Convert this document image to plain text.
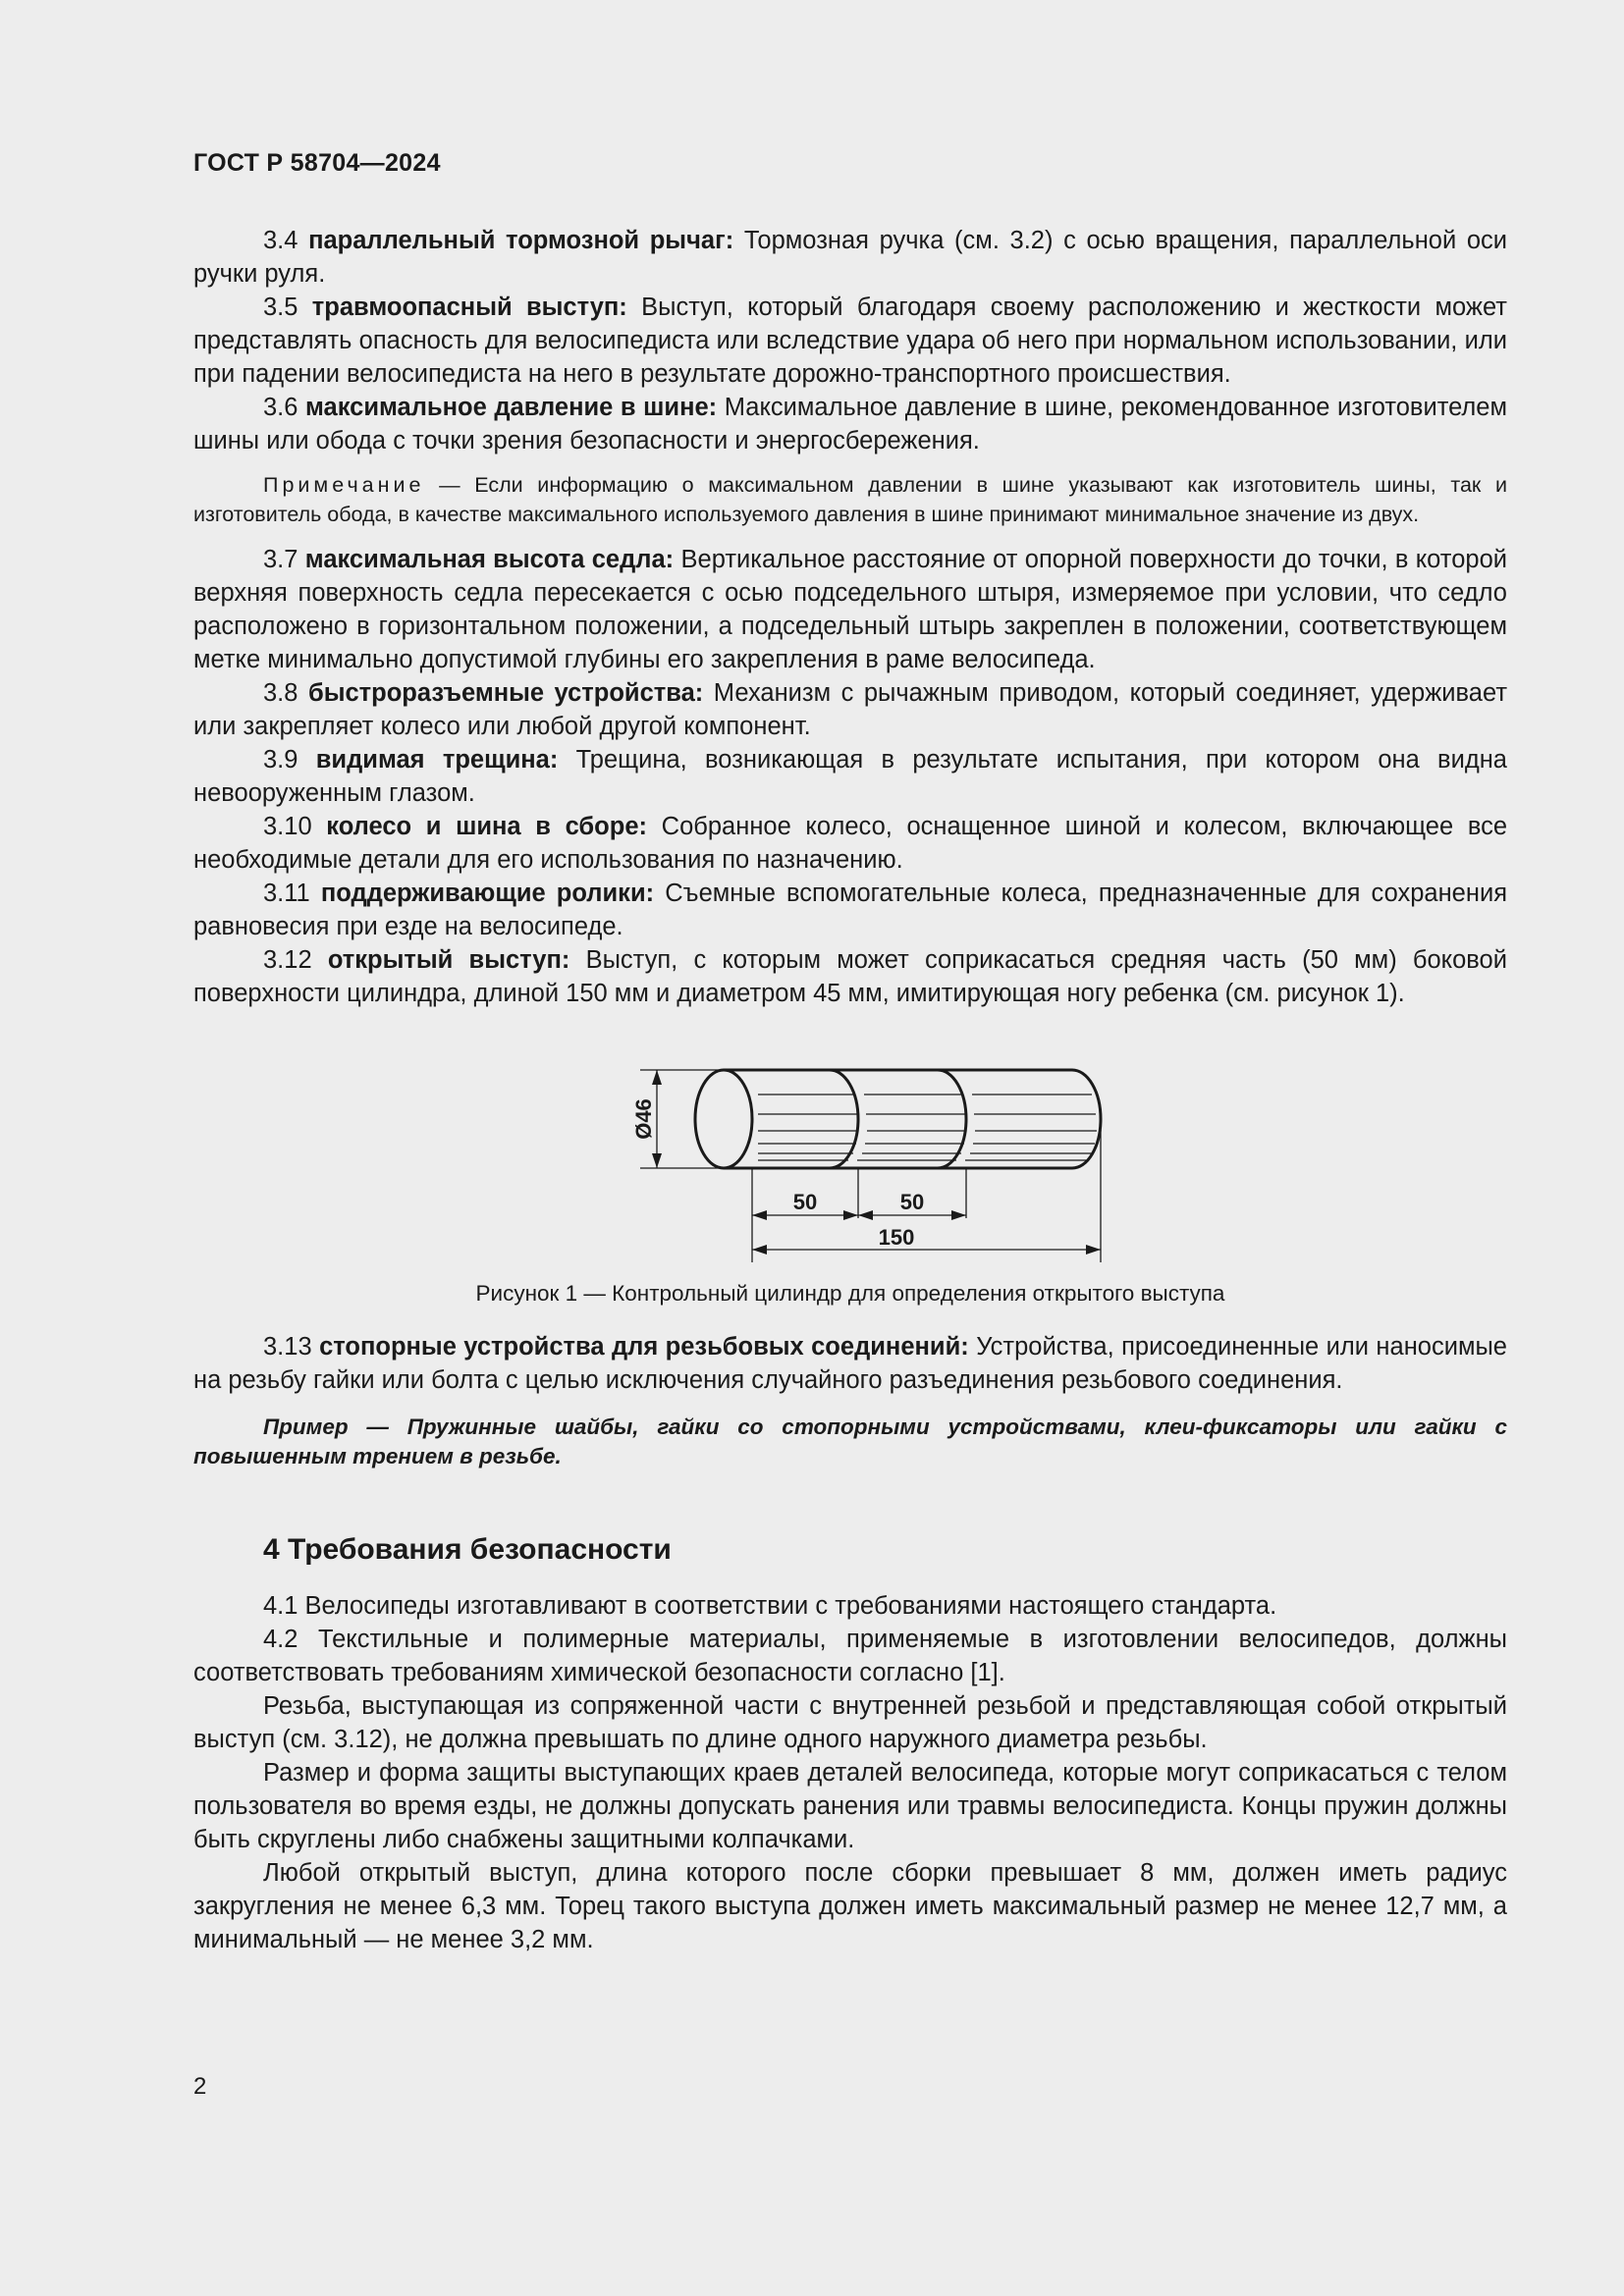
ГОСТ Р 58704—2024

3.4 параллельный тормозной рычаг: Тормозная ручка (см. 3.2) с осью вращения, параллельной оси ручки руля.

3.5 травмоопасный выступ: Выступ, который благодаря своему расположению и жесткости может представлять опасность для велосипедиста или вследствие удара об него при нормальном использовании, или при падении велосипедиста на него в результате дорожно-транспортного происшествия.

3.6 максимальное давление в шине: Максимальное давление в шине, рекомендованное изготовителем шины или обода с точки зрения безопасности и энергосбережения.

Примечание — Если информацию о максимальном давлении в шине указывают как изготовитель шины, так и изготовитель обода, в качестве максимального используемого давления в шине принимают минимальное значение из двух.

3.7 максимальная высота седла: Вертикальное расстояние от опорной поверхности до точки, в которой верхняя поверхность седла пересекается с осью подседельного штыря, измеряемое при условии, что седло расположено в горизонтальном положении, а подседельный штырь закреплен в положении, соответствующем метке минимально допустимой глубины его закрепления в раме велосипеда.

3.8 быстроразъемные устройства: Механизм с рычажным приводом, который соединяет, удерживает или закрепляет колесо или любой другой компонент.

3.9 видимая трещина: Трещина, возникающая в результате испытания, при котором она видна невооруженным глазом.

3.10 колесо и шина в сборе: Собранное колесо, оснащенное шиной и колесом, включающее все необходимые детали для его использования по назначению.

3.11 поддерживающие ролики: Съемные вспомогательные колеса, предназначенные для сохранения равновесия при езде на велосипеде.

3.12 открытый выступ: Выступ, с которым может соприкасаться средняя часть (50 мм) боковой поверхности цилиндра, длиной 150 мм и диаметром 45 мм, имитирующая ногу ребенка (см. рисунок 1).

Ø46
50	50
150

Рисунок 1 — Контрольный цилиндр для определения открытого выступа

3.13 стопорные устройства для резьбовых соединений: Устройства, присоединенные или наносимые на резьбу гайки или болта с целью исключения случайного разъединения резьбового соединения.

Пример — Пружинные шайбы, гайки со стопорными устройствами, клеи-фиксаторы или гайки с повышенным трением в резьбе.

4 Требования безопасности

4.1 Велосипеды изготавливают в соответствии с требованиями настоящего стандарта.

4.2 Текстильные и полимерные материалы, применяемые в изготовлении велосипедов, должны соответствовать требованиям химической безопасности согласно [1].

Резьба, выступающая из сопряженной части с внутренней резьбой и представляющая собой открытый выступ (см. 3.12), не должна превышать по длине одного наружного диаметра резьбы.

Размер и форма защиты выступающих краев деталей велосипеда, которые могут соприкасаться с телом пользователя во время езды, не должны допускать ранения или травмы велосипедиста. Концы пружин должны быть скруглены либо снабжены защитными колпачками.

Любой открытый выступ, длина которого после сборки превышает 8 мм, должен иметь радиус закругления не менее 6,3 мм. Торец такого выступа должен иметь максимальный размер не менее 12,7 мм, а минимальный — не менее 3,2 мм.

2
